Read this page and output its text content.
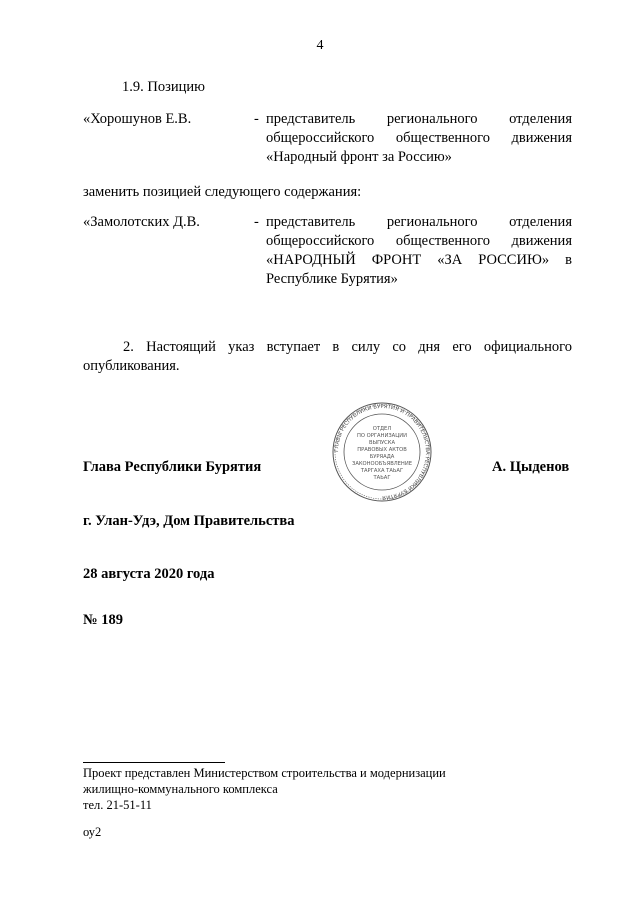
4
1.9. Позицию
«Хорошунов Е.В.	- представитель регионального отделения общероссийского общественного движения «Народный фронт за Россию»
заменить позицией следующего содержания:
«Замолотских Д.В.	- представитель регионального отделения общероссийского общественного движения «НАРОДНЫЙ ФРОНТ «ЗА РОССИЮ» в Республике Бурятия»
2. Настоящий указ вступает в силу со дня его официального опубликования.
ГЛАВЫ РЕСПУБЛИКИ БУРЯТИЯ И ПРАВИТЕЛЬСТВА РЕСПУБЛИКИ БУРЯТИЯ
ОТДЕЛ
ПО ОРГАНИЗАЦИИ
ВЫПУСКА
ПРАВОВЫХ АКТОВ
БУРЯАДА
ЗАКОНООБЪЯВЛЕНИЕ
ТАРГАХА ТАЬАГ
ТАЬАГ
Глава Республики Бурятия	А. Цыденов
г. Улан-Удэ, Дом Правительства
28 августа 2020 года
№ 189
Проект представлен Министерством строительства и модернизации
жилищно-коммунального комплекса
тел. 21-51-11
оу2
